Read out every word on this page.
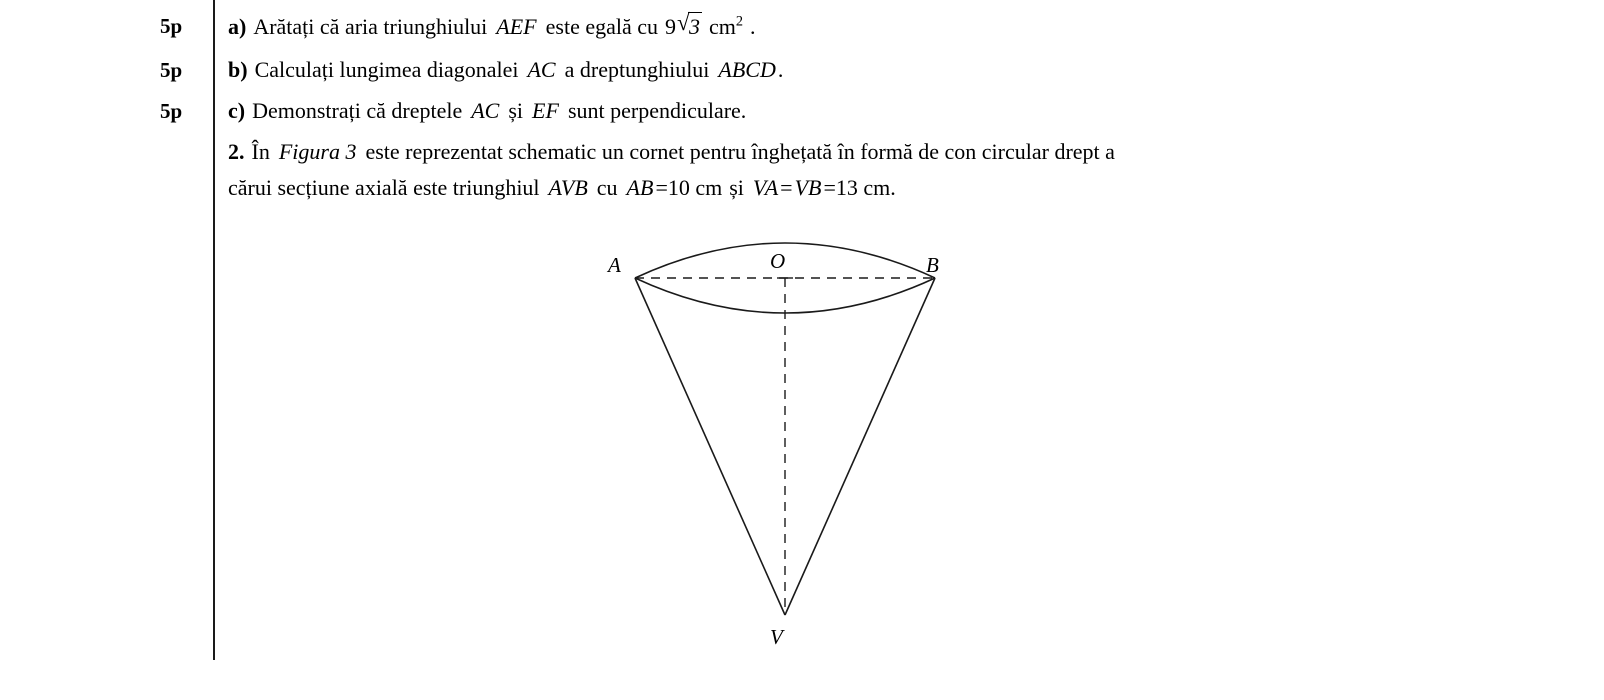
5p
5p
5p
a) Arătați că aria triunghiului AEF este egală cu 9 √ 3 $cm^2$ .
b) Calculați lungimea diagonalei AC a dreptunghiului ABCD.
c) Demonstrați că dreptele AC și EF sunt perpendiculare.
2. În Figura 3 este reprezentat schematic un cornet pentru înghețată în formă de con circular drept a
cărui secțiune axială este triunghiul AVB cu AB=10 cm și VA=VB=13 cm.
A	O	B
V
